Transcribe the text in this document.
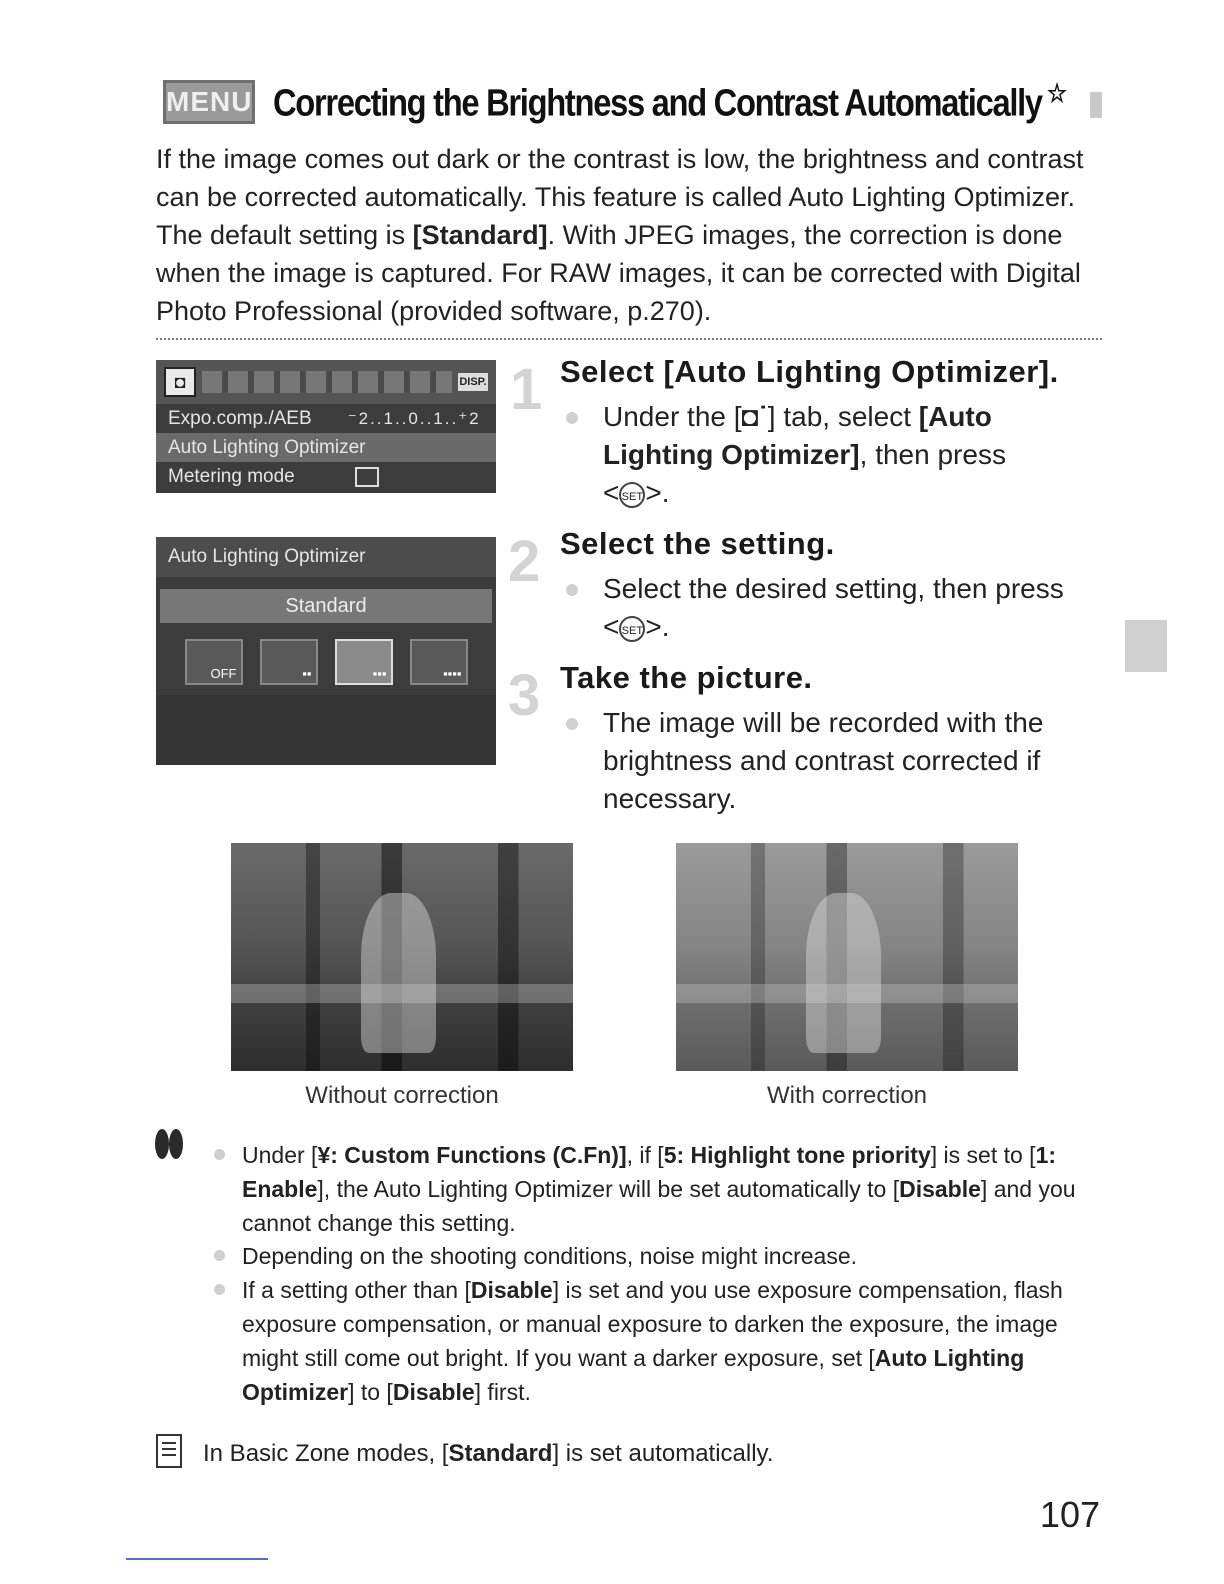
MENU Correcting the Brightness and Contrast Automatically ☆
If the image comes out dark or the contrast is low, the brightness and contrast can be corrected automatically. This feature is called Auto Lighting Optimizer. The default setting is [Standard]. With JPEG images, the correction is done when the image is captured. For RAW images, it can be corrected with Digital Photo Professional (provided software, p.270).
◘	DISP.
Expo.comp./AEB ⁻2..1..0..1..⁺2
Auto Lighting Optimizer
Metering mode
Auto Lighting Optimizer
Standard
OFF	▪▪	▪▪▪	▪▪▪▪
1 Select [Auto Lighting Optimizer].
Under the [◘˙] tab, select [Auto Lighting Optimizer], then press
< SET>.
2 Select the setting.
Select the desired setting, then press
< SET>.
3 Take the picture.
The image will be recorded with the brightness and contrast corrected if necessary.
Without correction	With correction
Under [¥: Custom Functions (C.Fn)], if [5: Highlight tone priority] is set to [1: Enable], the Auto Lighting Optimizer will be set automatically to [Disable] and you cannot change this setting.
Depending on the shooting conditions, noise might increase.
If a setting other than [Disable] is set and you use exposure compensation, flash exposure compensation, or manual exposure to darken the exposure, the image might still come out bright. If you want a darker exposure, set [Auto Lighting Optimizer] to [Disable] first.
In Basic Zone modes, [Standard] is set automatically.
107
